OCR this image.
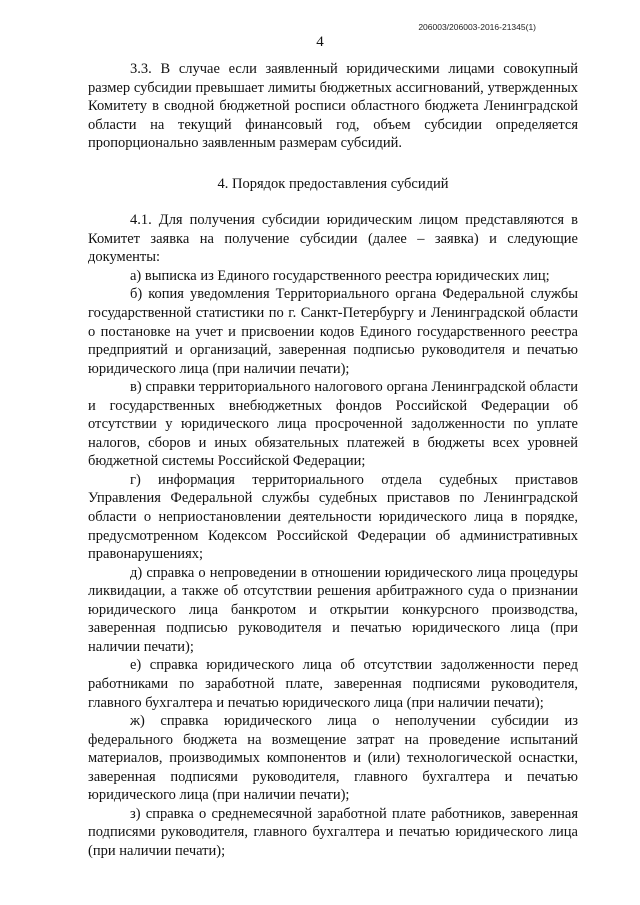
206003/206003-2016-21345(1)
4

3.3. В случае если заявленный юридическими лицами совокупный размер субсидии превышает лимиты бюджетных ассигнований, утвержденных Комитету в сводной бюджетной росписи областного бюджета Ленинградской области на текущий финансовый год, объем субсидии определяется пропорционально заявленным размерам субсидий.

4. Порядок предоставления субсидий

4.1. Для получения субсидии юридическим лицом представляются в Комитет заявка на получение субсидии (далее – заявка) и следующие документы:

а) выписка из Единого государственного реестра юридических лиц;

б) копия уведомления Территориального органа Федеральной службы государственной статистики по г. Санкт-Петербургу и Ленинградской области о постановке на учет и присвоении кодов Единого государственного реестра предприятий и организаций, заверенная подписью руководителя и печатью юридического лица (при наличии печати);

в) справки территориального налогового органа Ленинградской области и государственных внебюджетных фондов Российской Федерации об отсутствии у юридического лица просроченной задолженности по уплате налогов, сборов и иных обязательных платежей в бюджеты всех уровней бюджетной системы Российской Федерации;

г) информация территориального отдела судебных приставов Управления Федеральной службы судебных приставов по Ленинградской области о неприостановлении деятельности юридического лица в порядке, предусмотренном Кодексом Российской Федерации об административных правонарушениях;

д) справка о непроведении в отношении юридического лица процедуры ликвидации, а также об отсутствии решения арбитражного суда о признании юридического лица банкротом и открытии конкурсного производства, заверенная подписью руководителя и печатью юридического лица (при наличии печати);

е) справка юридического лица об отсутствии задолженности перед работниками по заработной плате, заверенная подписями руководителя, главного бухгалтера и печатью юридического лица (при наличии печати);

ж) справка юридического лица о неполучении субсидии из федерального бюджета на возмещение затрат на проведение испытаний материалов, производимых компонентов и (или) технологической оснастки, заверенная подписями руководителя, главного бухгалтера и печатью юридического лица (при наличии печати);

з) справка о среднемесячной заработной плате работников, заверенная подписями руководителя, главного бухгалтера и печатью юридического лица (при наличии печати);
